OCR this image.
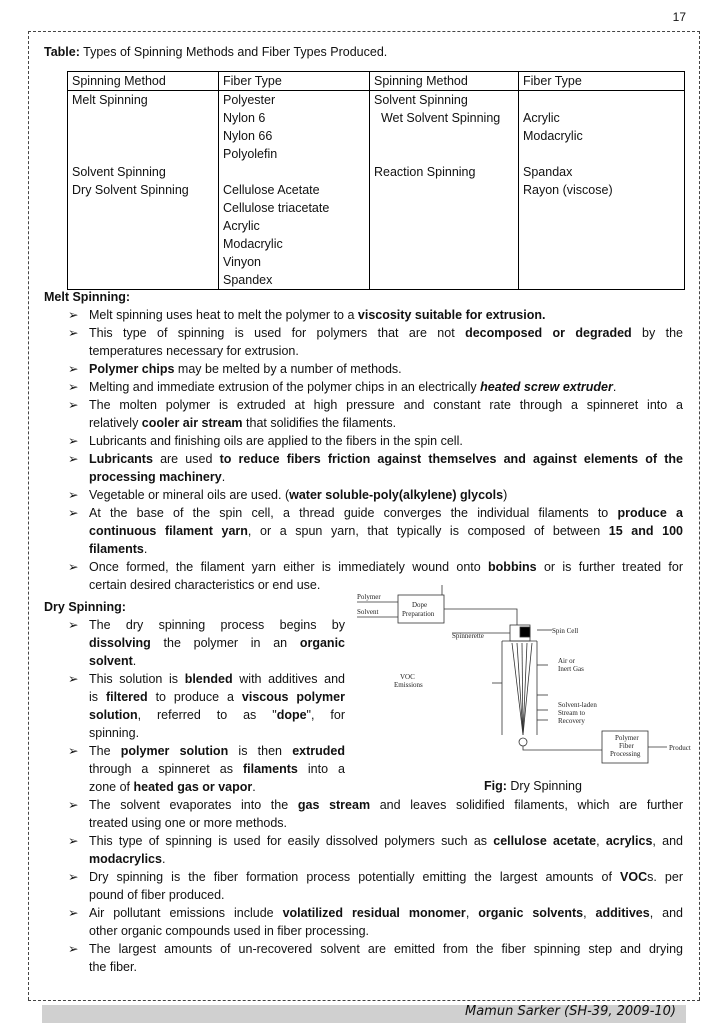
17
Table: Types of Spinning Methods and Fiber Types Produced.
Spinning Method	Fiber Type	Spinning Method	Fiber Type
Melt Spinning	Polyester	Solvent Spinning	
	Nylon 6	Wet Solvent Spinning	Acrylic
	Nylon 66		Modacrylic
	Polyolefin		
Solvent Spinning		Reaction Spinning	Spandax
Dry Solvent Spinning	Cellulose Acetate		Rayon (viscose)
	Cellulose triacetate		
	Acrylic		
	Modacrylic		
	Vinyon		
	Spandex		
Melt Spinning:
➢ Melt spinning uses heat to melt the polymer to a viscosity suitable for extrusion.
➢ This type of spinning is used for polymers that are not decomposed or degraded by the
temperatures necessary for extrusion.
➢ Polymer chips may be melted by a number of methods.
➢ Melting and immediate extrusion of the polymer chips in an electrically heated screw extruder.
➢ The molten polymer is extruded at high pressure and constant rate through a spinneret into a
relatively cooler air stream that solidifies the filaments.
➢ Lubricants and finishing oils are applied to the fibers in the spin cell.
➢ Lubricants are used to reduce fibers friction against themselves and against elements of the
processing machinery.
➢ Vegetable or mineral oils are used. (water soluble-poly(alkylene) glycols)
➢ At the base of the spin cell, a thread guide converges the individual filaments to produce a
continuous filament yarn, or a spun yarn, that typically is composed of between 15 and 100
filaments.
➢ Once formed, the filament yarn either is immediately wound onto bobbins or is further treated for
certain desired characteristics or end use.
Dry Spinning:
➢ The dry spinning process begins by
dissolving the polymer in an organic
solvent.
➢ This solution is blended with additives and
is filtered to produce a viscous polymer
solution, referred to as "dope", for
spinning.
➢ The polymer solution is then extruded
through a spinneret as filaments into a
zone of heated gas or vapor.	Fig: Dry Spinning
➢ The solvent evaporates into the gas stream and leaves solidified filaments, which are further
treated using one or more methods.
➢ This type of spinning is used for easily dissolved polymers such as cellulose acetate, acrylics, and
modacrylics.
➢ Dry spinning is the fiber formation process potentially emitting the largest amounts of VOCs. per
pound of fiber produced.
➢ Air pollutant emissions include volatilized residual monomer, organic solvents, additives, and
other organic compounds used in fiber processing.
➢ The largest amounts of un-recovered solvent are emitted from the fiber spinning step and drying
the fiber.
Polymer
Solvent
Dope
Preparation
Spinnerette
Spin Cell
VOC
Emissions
Air or
Inert Gas
Solvent-laden
Stream to
Recovery
Polymer
Fiber
Processing
Product
Mamun Sarker (SH-39, 2009-10)
